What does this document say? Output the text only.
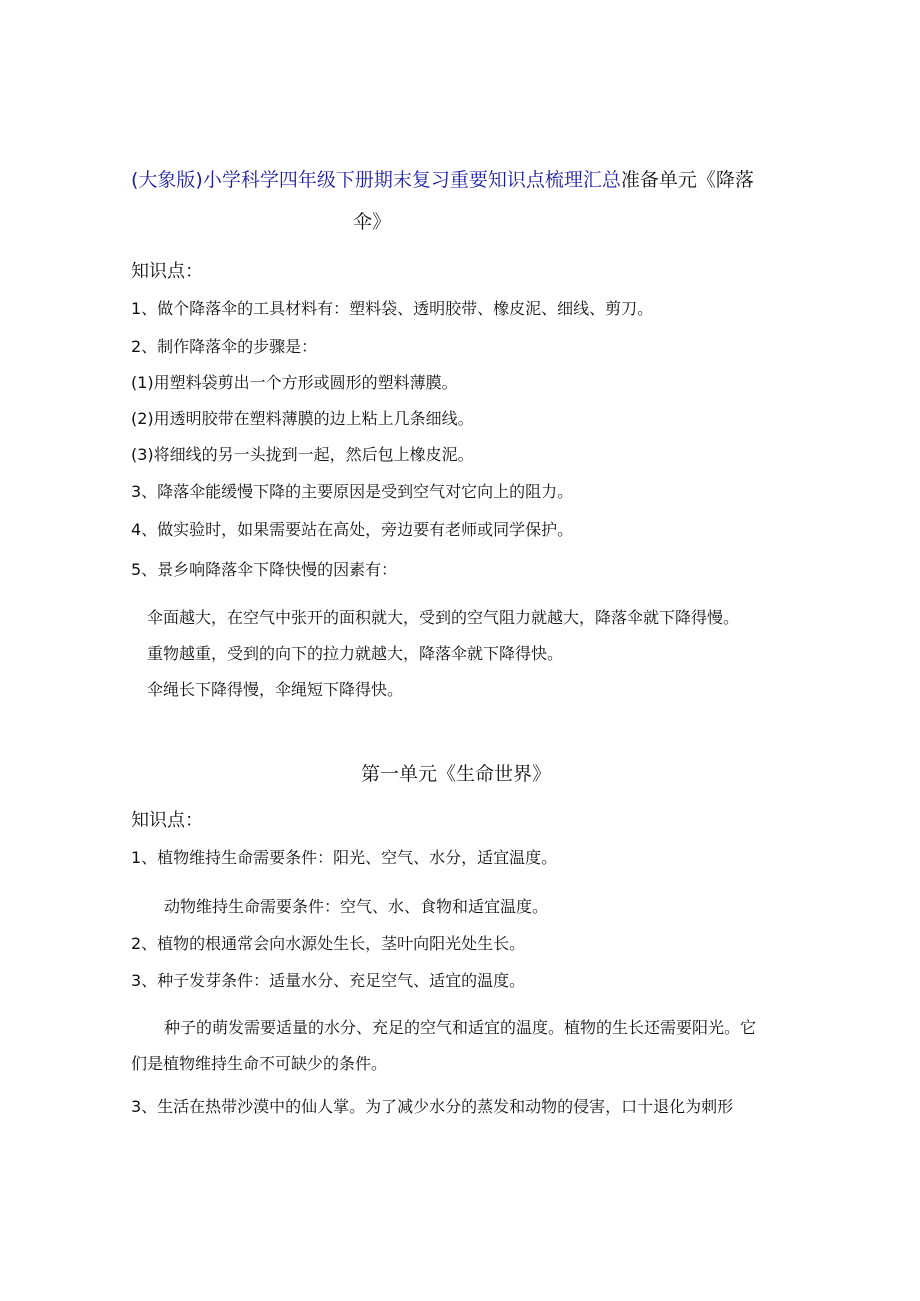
(大象版)小学科学四年级下册期末复习重要知识点梳理汇总准备单元《降落
伞》
知识点：

1、做个降落伞的工具材料有：塑料袋、透明胶带、橡皮泥、细线、剪刀。

2、制作降落伞的步骤是：

(1)用塑料袋剪出一个方形或圆形的塑料薄膜。

(2)用透明胶带在塑料薄膜的边上粘上几条细线。

(3)将细线的另一头拢到一起，然后包上橡皮泥。

3、降落伞能缓慢下降的主要原因是受到空气对它向上的阻力。

4、做实验时，如果需要站在高处，旁边要有老师或同学保护。

5、景乡响降落伞下降快慢的因素有：

伞面越大，在空气中张开的面积就大，受到的空气阻力就越大，降落伞就下降得慢。

重物越重，受到的向下的拉力就越大，降落伞就下降得快。

伞绳长下降得慢，伞绳短下降得快。

第一单元《生命世界》
知识点：

1、植物维持生命需要条件：阳光、空气、水分，适宜温度。

动物维持生命需要条件：空气、水、食物和适宜温度。

2、植物的根通常会向水源处生长，茎叶向阳光处生长。

3、种子发芽条件：适量水分、充足空气、适宜的温度。

种子的萌发需要适量的水分、充足的空气和适宜的温度。植物的生长还需要阳光。它

们是植物维持生命不可缺少的条件。

3、生活在热带沙漠中的仙人掌。为了减少水分的蒸发和动物的侵害，口十退化为刺形
